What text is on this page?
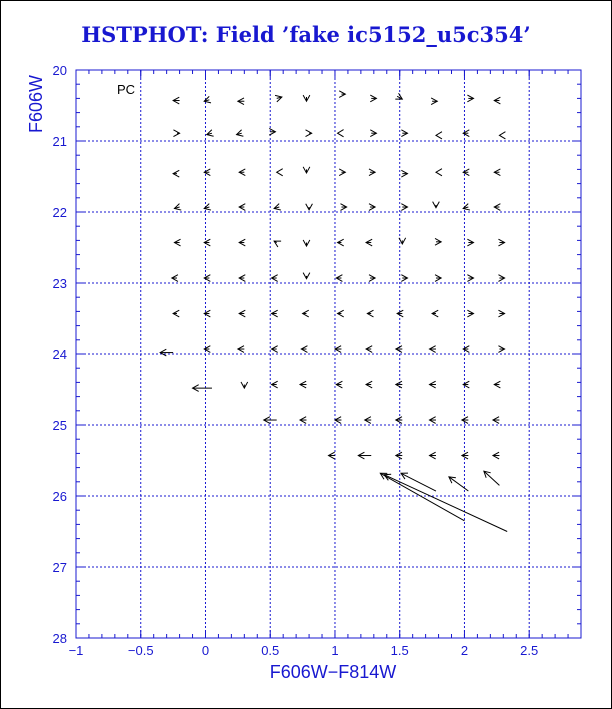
HSTPHOT: Field ’fake ic5152_u5c354’
−1	−0.5	0	0.5	1	1.5	2	2.5
20
21
22
23
24
25
26
27
28
PC
F606W−F814W
F606W
